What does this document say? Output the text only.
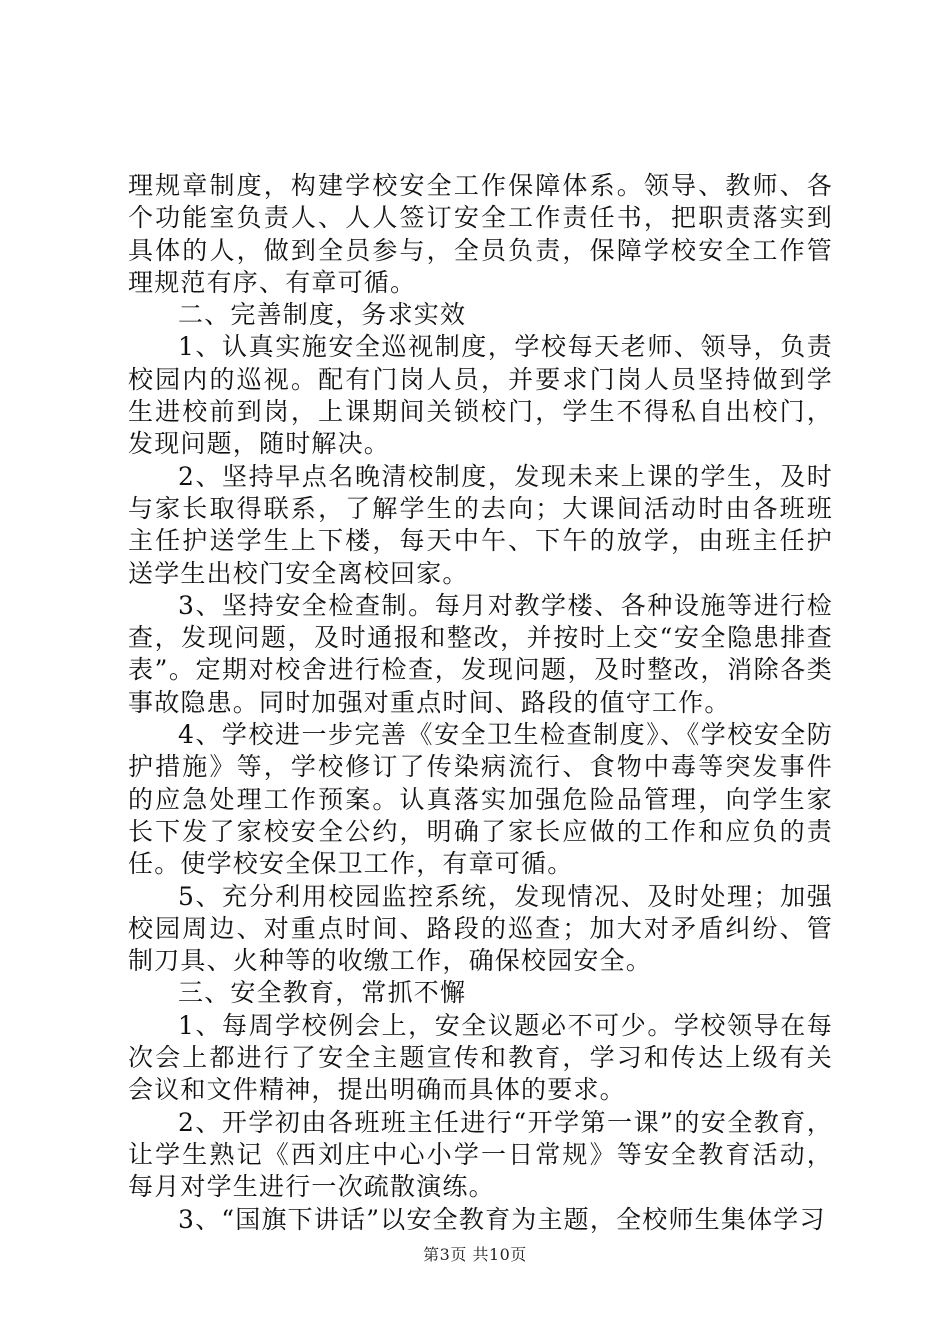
理规章制度，构建学校安全工作保障体系。领导、教师、各个功能室负责人、人人签订安全工作责任书，把职责落实到具体的人，做到全员参与，全员负责，保障学校安全工作管理规范有序、有章可循。

二、完善制度，务求实效

1、认真实施安全巡视制度，学校每天老师、领导，负责校园内的巡视。配有门岗人员，并要求门岗人员坚持做到学生进校前到岗，上课期间关锁校门，学生不得私自出校门，发现问题，随时解决。

2、坚持早点名晚清校制度，发现未来上课的学生，及时与家长取得联系，了解学生的去向；大课间活动时由各班班主任护送学生上下楼，每天中午、下午的放学，由班主任护送学生出校门安全离校回家。

3、坚持安全检查制。每月对教学楼、各种设施等进行检查，发现问题，及时通报和整改，并按时上交“安全隐患排查表”。定期对校舍进行检查，发现问题，及时整改，消除各类事故隐患。同时加强对重点时间、路段的值守工作。

4、学校进一步完善《安全卫生检查制度》、《学校安全防护措施》等，学校修订了传染病流行、食物中毒等突发事件的应急处理工作预案。认真落实加强危险品管理，向学生家长下发了家校安全公约，明确了家长应做的工作和应负的责任。使学校安全保卫工作，有章可循。

5、充分利用校园监控系统，发现情况、及时处理；加强校园周边、对重点时间、路段的巡查；加大对矛盾纠纷、管制刀具、火种等的收缴工作，确保校园安全。

三、安全教育，常抓不懈

1、每周学校例会上，安全议题必不可少。学校领导在每次会上都进行了安全主题宣传和教育，学习和传达上级有关会议和文件精神，提出明确而具体的要求。

2、开学初由各班班主任进行“开学第一课”的安全教育，让学生熟记《西刘庄中心小学一日常规》等安全教育活动，每月对学生进行一次疏散演练。

3、“国旗下讲话”以安全教育为主题，全校师生集体学习

第3页 共10页
